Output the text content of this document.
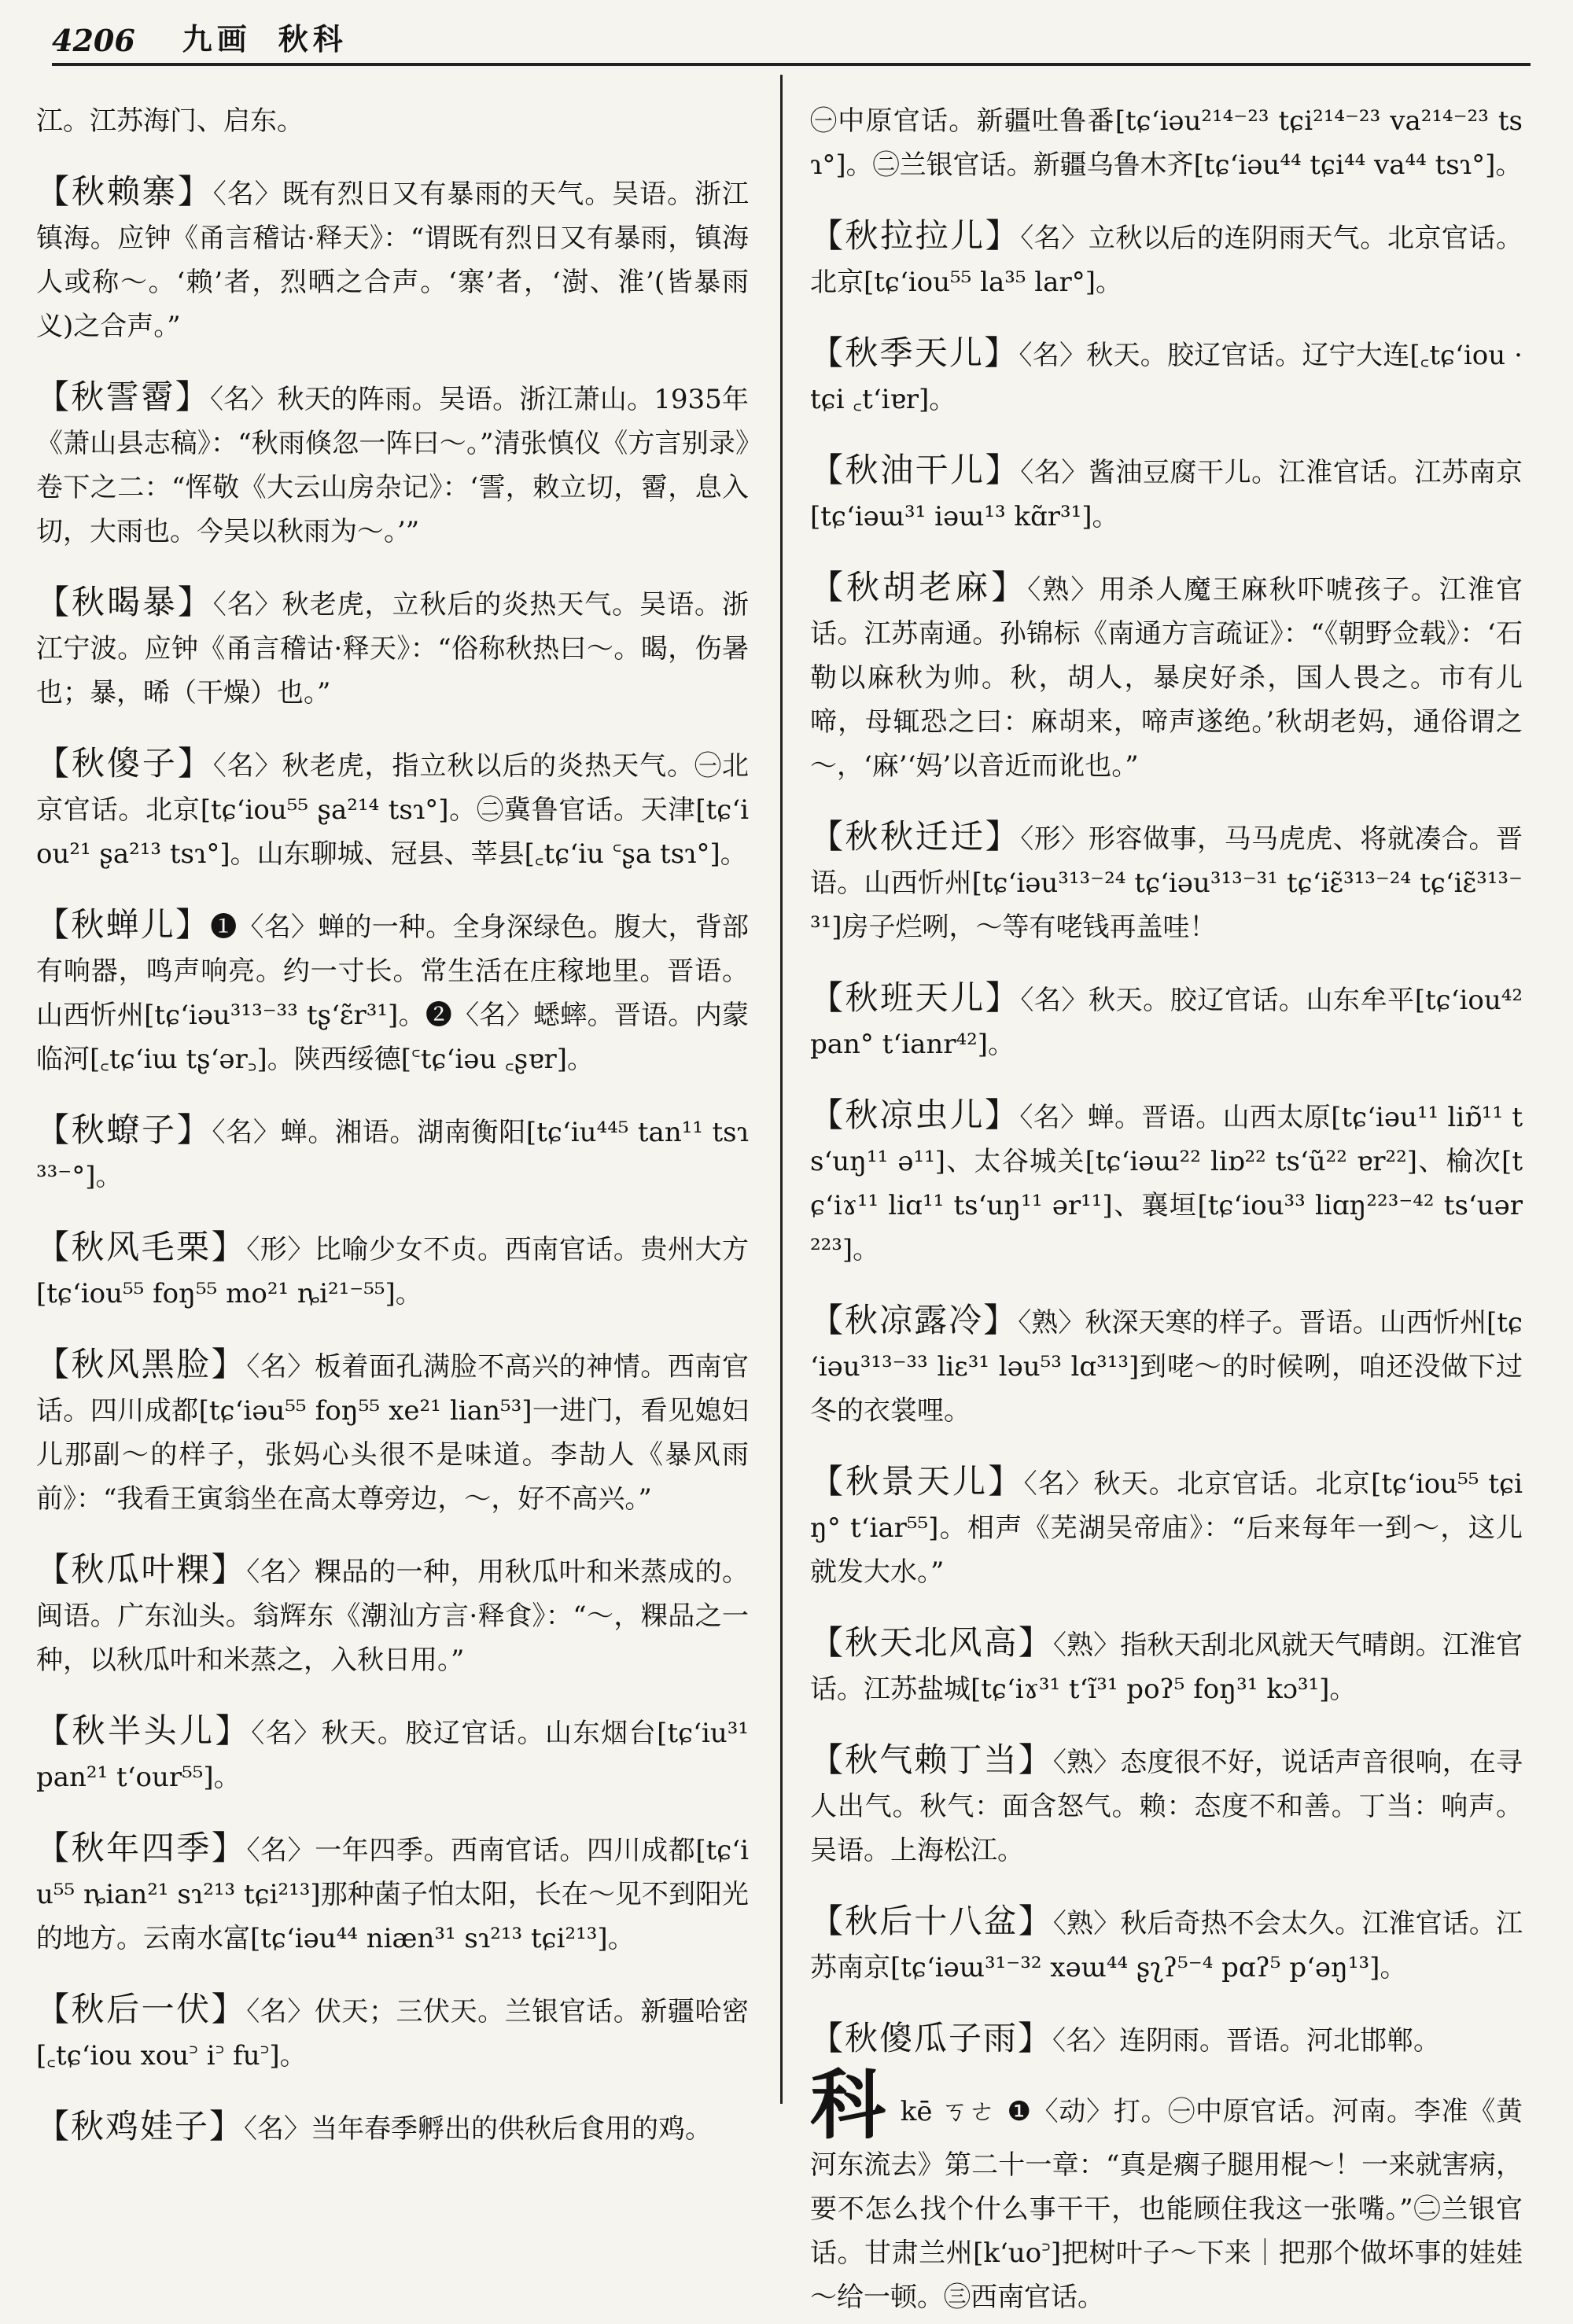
4206 九画 秋科

江。江苏海门、启东。

【秋赖寨】〈名〉既有烈日又有暴雨的天气。吴语。浙江镇海。应钟《甬言稽诂·释天》：“谓既有烈日又有暴雨，镇海人或称～。‘赖’者，烈晒之合声。‘寨’者，‘澍、淮’(皆暴雨义)之合声。”

【秋霅霫】〈名〉秋天的阵雨。吴语。浙江萧山。1935年《萧山县志稿》：“秋雨倏忽一阵曰～。”清张慎仪《方言别录》卷下之二：“恽敬《大云山房杂记》：‘霅，敕立切，霫，息入切，大雨也。今吴以秋雨为～。’”

【秋暍暴】〈名〉秋老虎，立秋后的炎热天气。吴语。浙江宁波。应钟《甬言稽诂·释天》：“俗称秋热曰～。暍，伤暑也；暴，晞（干燥）也。”

【秋傻子】〈名〉秋老虎，指立秋以后的炎热天气。㊀北京官话。北京[tɕʻiou⁵⁵ ʂa²¹⁴ tsɿ°]。㊁冀鲁官话。天津[tɕʻiou²¹ ʂa²¹³ tsɿ°]。山东聊城、冠县、莘县[꜀tɕʻiu ꜂ʂa tsɿ°]。

【秋蝉儿】❶〈名〉蝉的一种。全身深绿色。腹大，背部有响器，鸣声响亮。约一寸长。常生活在庄稼地里。晋语。山西忻州[tɕʻiəu³¹³⁻³³ tʂʻɛ̃r³¹]。❷〈名〉蟋蟀。晋语。内蒙临河[꜀tɕʻiɯ tʂʻər꜆]。陕西绥德[꜂tɕʻiəu ꜀ʂɐr]。

【秋蟟子】〈名〉蝉。湘语。湖南衡阳[tɕʻiu⁴⁴⁵ tan¹¹ tsɿ³³⁻°]。

【秋风毛栗】〈形〉比喻少女不贞。西南官话。贵州大方[tɕʻiou⁵⁵ foŋ⁵⁵ mo²¹ ȵi²¹⁻⁵⁵]。

【秋风黑脸】〈名〉板着面孔满脸不高兴的神情。西南官话。四川成都[tɕʻiəu⁵⁵ foŋ⁵⁵ xe²¹ lian⁵³]一进门，看见媳妇儿那副～的样子，张妈心头很不是味道。李劼人《暴风雨前》：“我看王寅翁坐在高太尊旁边，～，好不高兴。”

【秋瓜叶粿】〈名〉粿品的一种，用秋瓜叶和米蒸成的。闽语。广东汕头。翁辉东《潮汕方言·释食》：“～，粿品之一种，以秋瓜叶和米蒸之，入秋日用。”

【秋半头儿】〈名〉秋天。胶辽官话。山东烟台[tɕʻiu³¹ pan²¹ tʻour⁵⁵]。

【秋年四季】〈名〉一年四季。西南官话。四川成都[tɕʻiu⁵⁵ ȵian²¹ sɿ²¹³ tɕi²¹³]那种菌子怕太阳，长在～见不到阳光的地方。云南水富[tɕʻiəu⁴⁴ niæn³¹ sɿ²¹³ tɕi²¹³]。

【秋后一伏】〈名〉伏天；三伏天。兰银官话。新疆哈密[꜀tɕʻiou xou꜄ i꜄ fu꜄]。

【秋鸡娃子】〈名〉当年春季孵出的供秋后食用的鸡。

㊀中原官话。新疆吐鲁番[tɕʻiəu²¹⁴⁻²³ tɕi²¹⁴⁻²³ va²¹⁴⁻²³ tsɿ°]。㊁兰银官话。新疆乌鲁木齐[tɕʻiəu⁴⁴ tɕi⁴⁴ va⁴⁴ tsɿ°]。

【秋拉拉儿】〈名〉立秋以后的连阴雨天气。北京官话。北京[tɕʻiou⁵⁵ la³⁵ lar°]。

【秋季天儿】〈名〉秋天。胶辽官话。辽宁大连[꜀tɕʻiou ·tɕi ꜀tʻiɐr]。

【秋油干儿】〈名〉酱油豆腐干儿。江淮官话。江苏南京[tɕʻiəɯ³¹ iəɯ¹³ kɑ̃r³¹]。

【秋胡老麻】〈熟〉用杀人魔王麻秋吓唬孩子。江淮官话。江苏南通。孙锦标《南通方言疏证》：“《朝野佥载》：‘石勒以麻秋为帅。秋，胡人，暴戾好杀，国人畏之。市有儿啼，母辄恐之曰：麻胡来，啼声遂绝。’秋胡老妈，通俗谓之～，‘麻’‘妈’以音近而讹也。”

【秋秋迁迁】〈形〉形容做事，马马虎虎、将就凑合。晋语。山西忻州[tɕʻiəu³¹³⁻²⁴ tɕʻiəu³¹³⁻³¹ tɕʻiɛ̃³¹³⁻²⁴ tɕʻiɛ̃³¹³⁻³¹]房子烂咧，～等有咾钱再盖哇！

【秋班天儿】〈名〉秋天。胶辽官话。山东牟平[tɕʻiou⁴² pan° tʻianr⁴²]。

【秋凉虫儿】〈名〉蝉。晋语。山西太原[tɕʻiəu¹¹ liɒ̃¹¹ tsʻuŋ¹¹ ə¹¹]、太谷城关[tɕʻiəɯ²² liɒ²² tsʻũ²² ɐr²²]、榆次[tɕʻiɤ¹¹ liɑ¹¹ tsʻuŋ¹¹ ər¹¹]、襄垣[tɕʻiou³³ liɑŋ²²³⁻⁴² tsʻuər²²³]。

【秋凉露冷】〈熟〉秋深天寒的样子。晋语。山西忻州[tɕʻiəu³¹³⁻³³ liɛ³¹ ləu⁵³ lɑ³¹³]到咾～的时候咧，咱还没做下过冬的衣裳哩。

【秋景天儿】〈名〉秋天。北京官话。北京[tɕʻiou⁵⁵ tɕiŋ° tʻiar⁵⁵]。相声《芜湖吴帝庙》：“后来每年一到～，这儿就发大水。”

【秋天北风高】〈熟〉指秋天刮北风就天气晴朗。江淮官话。江苏盐城[tɕʻiɤ³¹ tʻĩ³¹ poʔ⁵ foŋ³¹ kɔ³¹]。

【秋气赖丁当】〈熟〉态度很不好，说话声音很响，在寻人出气。秋气：面含怒气。赖：态度不和善。丁当：响声。吴语。上海松江。

【秋后十八盆】〈熟〉秋后奇热不会太久。江淮官话。江苏南京[tɕʻiəɯ³¹⁻³² xəɯ⁴⁴ ʂʅʔ⁵⁻⁴ pɑʔ⁵ pʻəŋ¹³]。

【秋傻瓜子雨】〈名〉连阴雨。晋语。河北邯郸。

科kē ㄎㄜ ❶〈动〉打。㊀中原官话。河南。李准《黄河东流去》第二十一章：“真是瘸子腿用棍～！一来就害病，要不怎么找个什么事干干，也能顾住我这一张嘴。”㊁兰银官话。甘肃兰州[kʻuo꜄]把树叶子～下来｜把那个做坏事的娃娃～给一顿。㊂西南官话。
